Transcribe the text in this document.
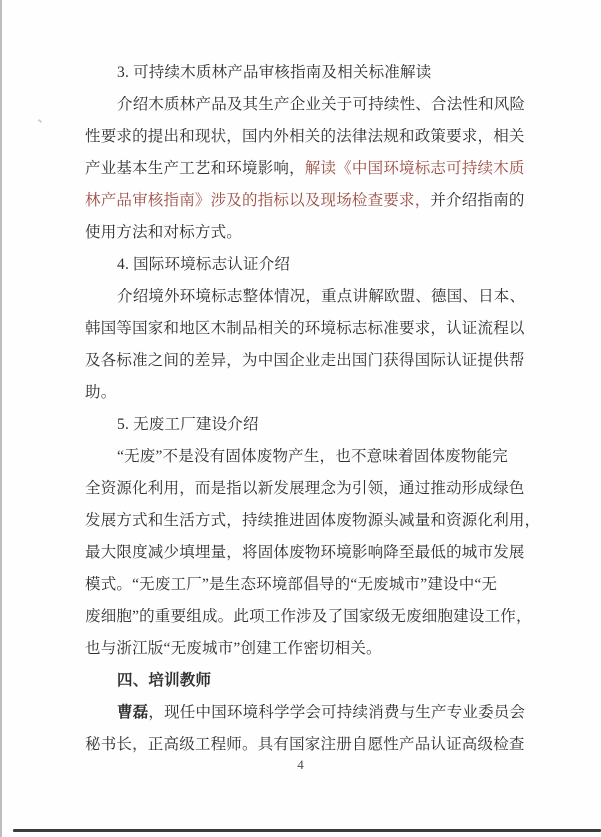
3. 可持续木质林产品审核指南及相关标准解读
介绍木质林产品及其生产企业关于可持续性、合法性和风险
性要求的提出和现状，国内外相关的法律法规和政策要求，相关
产业基本生产工艺和环境影响，解读《中国环境标志可持续木质
林产品审核指南》涉及的指标以及现场检查要求，并介绍指南的
使用方法和对标方式。
4. 国际环境标志认证介绍
介绍境外环境标志整体情况，重点讲解欧盟、德国、日本、
韩国等国家和地区木制品相关的环境标志标准要求，认证流程以
及各标准之间的差异，为中国企业走出国门获得国际认证提供帮
助。
5. 无废工厂建设介绍
“无废”不是没有固体废物产生，也不意味着固体废物能完
全资源化利用，而是指以新发展理念为引领，通过推动形成绿色
发展方式和生活方式，持续推进固体废物源头减量和资源化利用，
最大限度减少填埋量，将固体废物环境影响降至最低的城市发展
模式。“无废工厂”是生态环境部倡导的“无废城市”建设中“无
废细胞”的重要组成。此项工作涉及了国家级无废细胞建设工作，
也与浙江版“无废城市”创建工作密切相关。
四、培训教师
曹磊，现任中国环境科学学会可持续消费与生产专业委员会
秘书长，正高级工程师。具有国家注册自愿性产品认证高级检查
4
